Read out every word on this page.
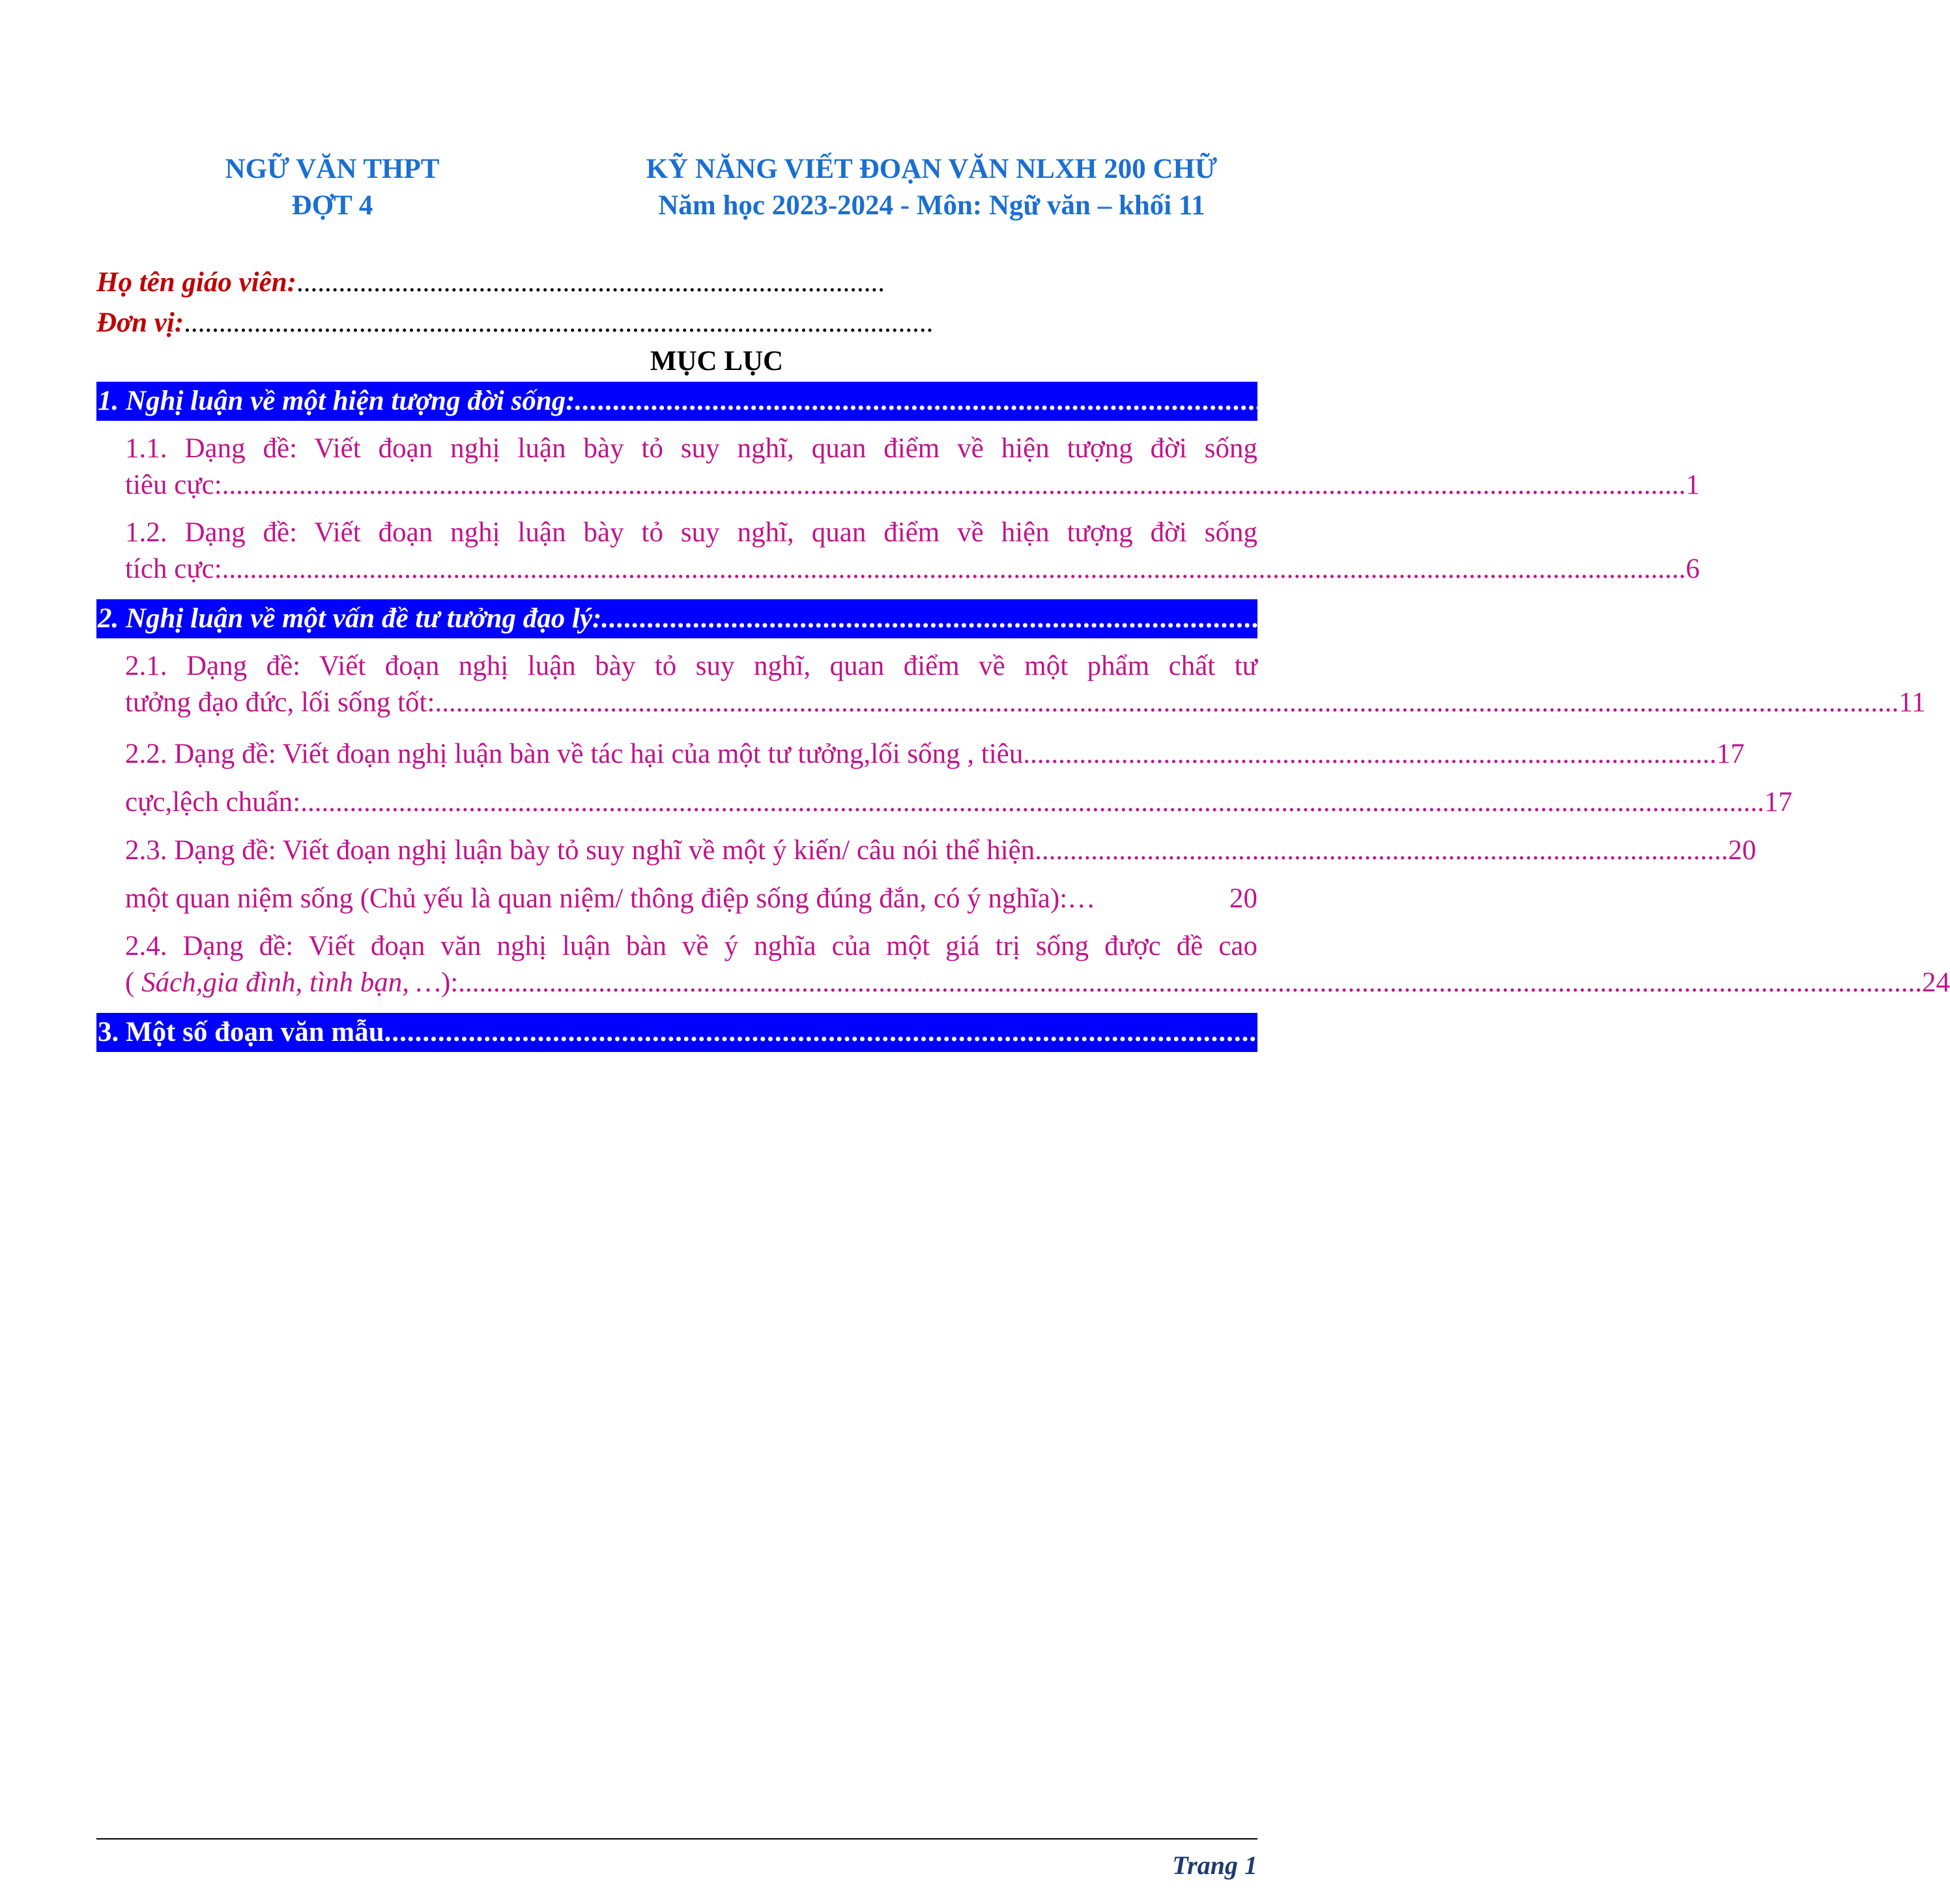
NGỮ VĂN THPT
ĐỢT 4
KỸ NĂNG VIẾT ĐOẠN VĂN NLXH 200 CHỮ
Năm học 2023-2024 - Môn: Ngữ văn – khối 11
Họ tên giáo viên:....................................................................................
Đơn vị:...........................................................................................................
MỤC LỤC
1. Nghị luận về một hiện tượng đời sống:....................................................................................................................
1.1. Dạng đề: Viết đoạn nghị luận bày tỏ suy nghĩ, quan điểm về hiện tượng đời sống
tiêu cực: ................................................................................................................................................................................................................. 1
1.2. Dạng đề: Viết đoạn nghị luận bày tỏ suy nghĩ, quan điểm về hiện tượng đời sống
tích cực: ................................................................................................................................................................................................................. 6
2. Nghị luận về một vấn đề tư tưởng đạo lý:....................................................................................................................
2.1. Dạng đề: Viết đoạn nghị luận bày tỏ suy nghĩ, quan điểm về một phẩm chất tư
tưởng đạo đức, lối sống tốt: ................................................................................................................................................................................................................. 11
2.2. Dạng đề: Viết đoạn nghị luận bàn về tác hại của một tư tưởng,lối sống , tiêu ................................................................................................... 17
cực,lệch chuẩn: ................................................................................................................................................................................................................. 17
2.3. Dạng đề: Viết đoạn nghị luận bày tỏ suy nghĩ về một ý kiến/ câu nói thể hiện ................................................................................................... 20
một quan niệm sống (Chủ yếu là quan niệm/ thông điệp sống đúng đắn, có ý nghĩa): …	20
2.4. Dạng đề: Viết đoạn văn nghị luận bàn về ý nghĩa của một giá trị sống được đề cao
( Sách,gia đình, tình bạn, …): ................................................................................................................................................................................................................. 24
3. Một số đoạn văn mẫu........................................................................................................................................
Trang 1
